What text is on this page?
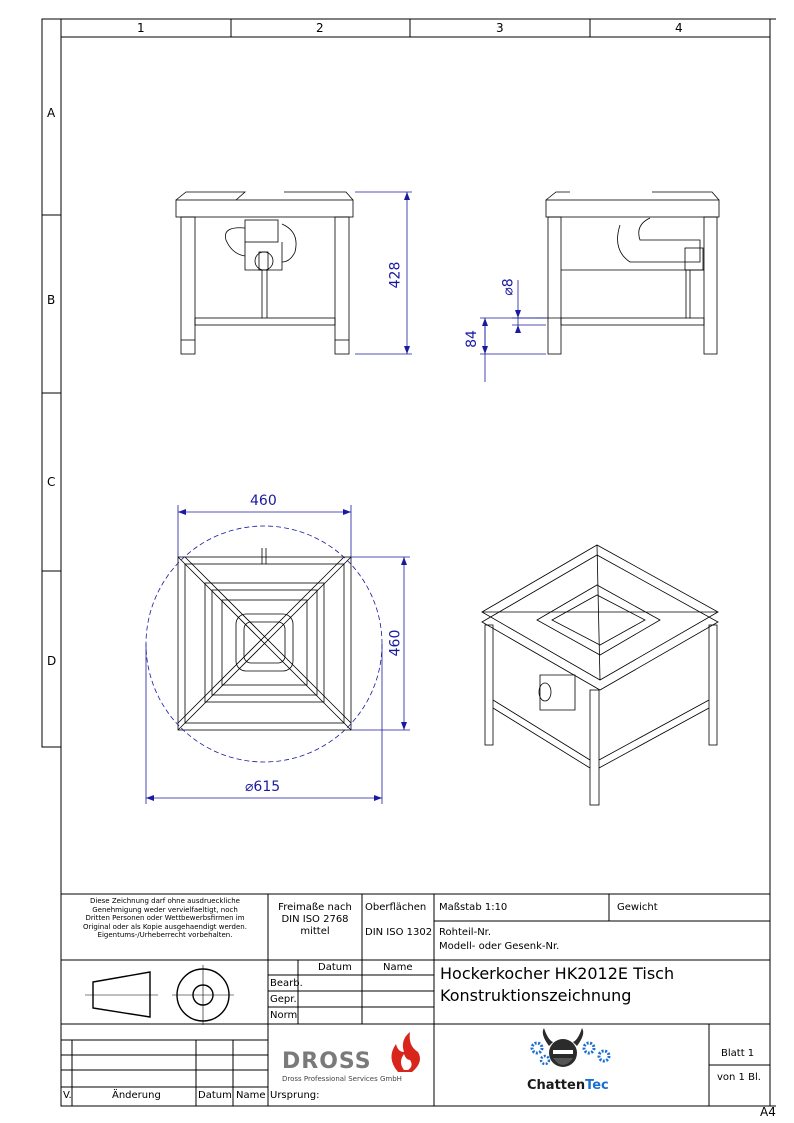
1	2	3	4
A
B
C
D
A4
428
84
⌀8
460
460
⌀615
Diese Zeichnung darf ohne ausdrueckliche Genehmigung weder vervielfaeltigt, noch Dritten Personen oder Wettbewerbsfirmen im Original oder als Kopie ausgehaendigt werden. Eigentums-/Urheberrecht vorbehalten.
Freimaße nach DIN ISO 2768 mittel
Oberflächen
DIN ISO 1302
Maßstab 1:10	Gewicht
Rohteil-Nr.
Modell- oder Gesenk-Nr.
Datum	Name
Bearb.
Gepr.
Norm
Hockerkocher HK2012E Tisch
Konstruktionszeichnung
V.	Änderung	Datum Name Ursprung:
DROSS
Dross Professional Services GmbH	ChattenTec
Blatt 1
von 1 Bl.
